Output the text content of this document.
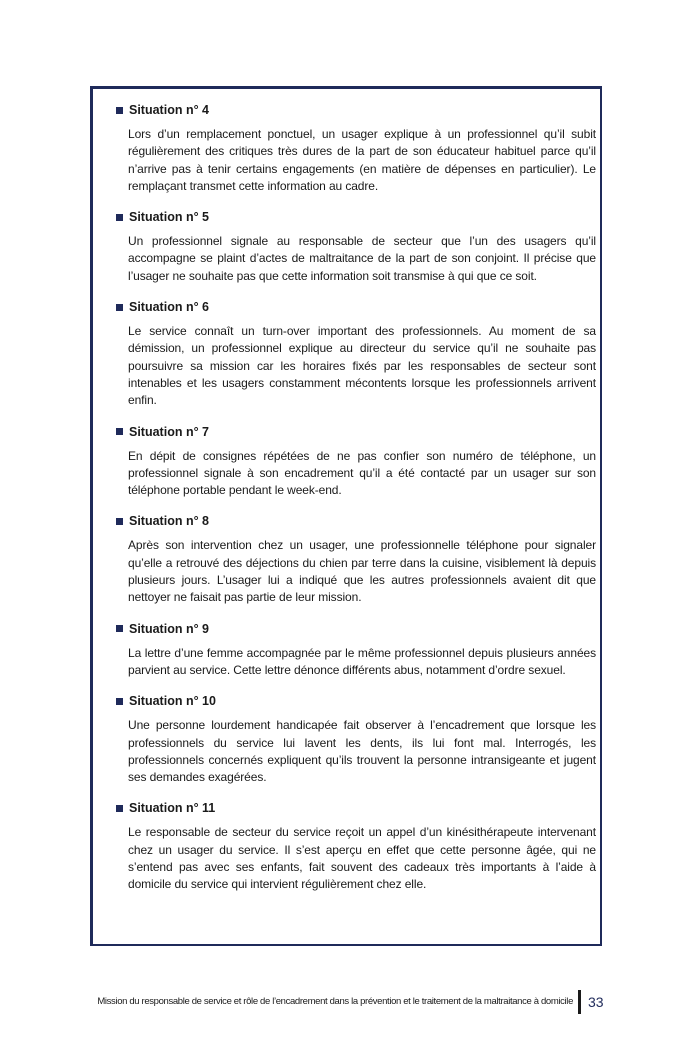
Situation n° 4

Lors d’un remplacement ponctuel, un usager explique à un professionnel qu’il subit régulièrement des critiques très dures de la part de son éducateur habituel parce qu’il n’arrive pas à tenir certains engagements (en matière de dépenses en particulier). Le remplaçant transmet cette information au cadre.

Situation n° 5

Un professionnel signale au responsable de secteur que l’un des usagers qu’il accompagne se plaint d’actes de maltraitance de la part de son conjoint. Il précise que l’usager ne souhaite pas que cette information soit transmise à qui que ce soit.

Situation n° 6

Le service connaît un turn-over important des professionnels. Au moment de sa démission, un professionnel explique au directeur du service qu’il ne souhaite pas poursuivre sa mission car les horaires fixés par les responsables de secteur sont intenables et les usagers constamment mécontents lorsque les professionnels arrivent enfin.

Situation n° 7

En dépit de consignes répétées de ne pas confier son numéro de téléphone, un professionnel signale à son encadrement qu’il a été contacté par un usager sur son téléphone portable pendant le week-end.

Situation n° 8

Après son intervention chez un usager, une professionnelle téléphone pour signaler qu’elle a retrouvé des déjections du chien par terre dans la cuisine, visiblement là depuis plusieurs jours. L’usager lui a indiqué que les autres professionnels avaient dit que nettoyer ne faisait pas partie de leur mission.

Situation n° 9

La lettre d’une femme accompagnée par le même professionnel depuis plusieurs années parvient au service. Cette lettre dénonce différents abus, notamment d’ordre sexuel.

Situation n° 10

Une personne lourdement handicapée fait observer à l’encadrement que lorsque les professionnels du service lui lavent les dents, ils lui font mal. Interrogés, les professionnels concernés expliquent qu’ils trouvent la personne intransigeante et jugent ses demandes exagérées.

Situation n° 11

Le responsable de secteur du service reçoit un appel d’un kinésithérapeute intervenant chez un usager du service. Il s’est aperçu en effet que cette personne âgée, qui ne s’entend pas avec ses enfants, fait souvent des cadeaux très importants à l’aide à domicile du service qui intervient régulièrement chez elle.

Mission du responsable de service et rôle de l’encadrement dans la prévention et le traitement de la maltraitance à domicile 33
